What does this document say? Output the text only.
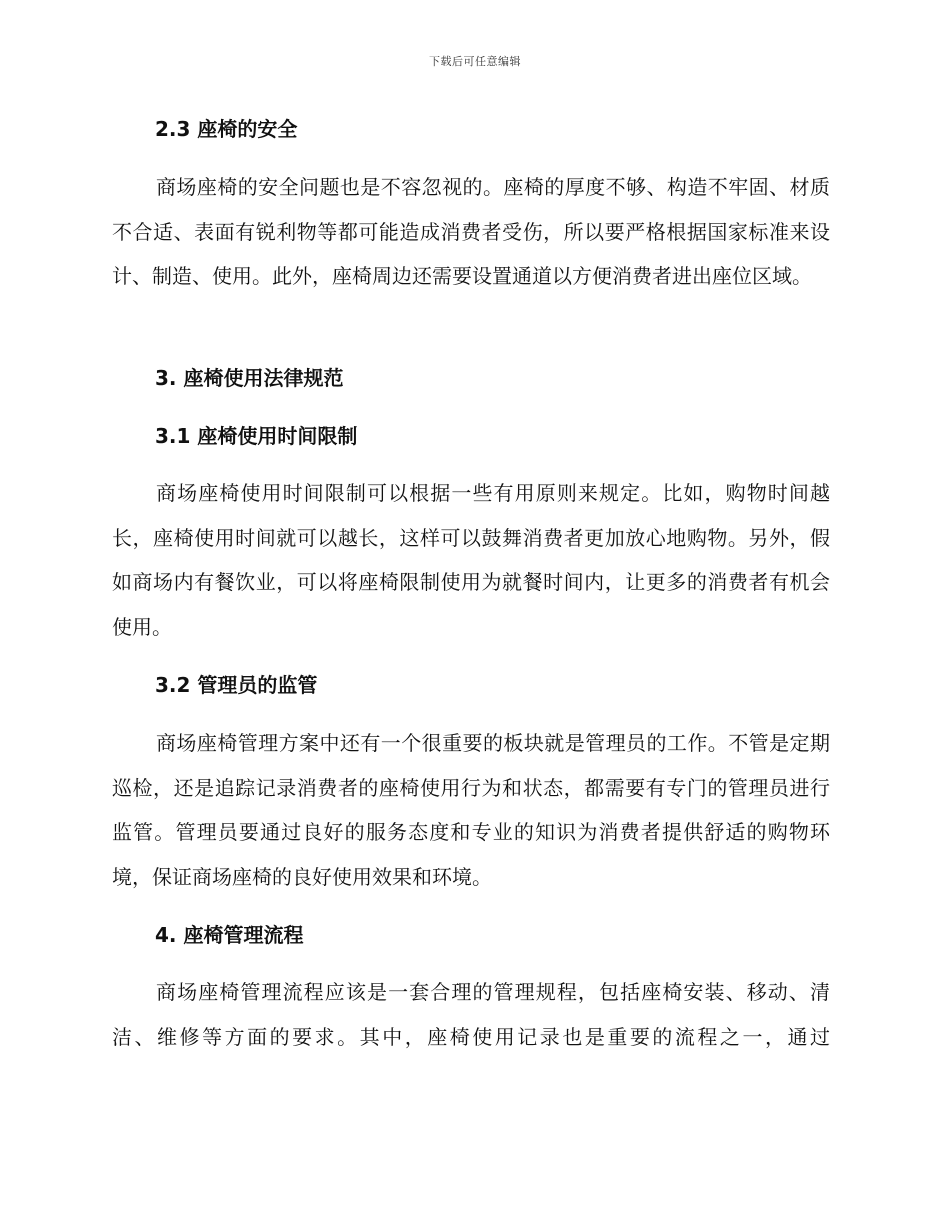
下载后可任意编辑
2.3 座椅的安全

商场座椅的安全问题也是不容忽视的。座椅的厚度不够、构造不牢固、材质不合适、表面有锐利物等都可能造成消费者受伤，所以要严格根据国家标准来设计、制造、使用。此外，座椅周边还需要设置通道以方便消费者进出座位区域。

3. 座椅使用法律规范
3.1 座椅使用时间限制

商场座椅使用时间限制可以根据一些有用原则来规定。比如，购物时间越长，座椅使用时间就可以越长，这样可以鼓舞消费者更加放心地购物。另外，假如商场内有餐饮业，可以将座椅限制使用为就餐时间内，让更多的消费者有机会使用。

3.2 管理员的监管

商场座椅管理方案中还有一个很重要的板块就是管理员的工作。不管是定期巡检，还是追踪记录消费者的座椅使用行为和状态，都需要有专门的管理员进行监管。管理员要通过良好的服务态度和专业的知识为消费者提供舒适的购物环境，保证商场座椅的良好使用效果和环境。

4. 座椅管理流程

商场座椅管理流程应该是一套合理的管理规程，包括座椅安装、移动、清洁、维修等方面的要求。其中，座椅使用记录也是重要的流程之一，通过
